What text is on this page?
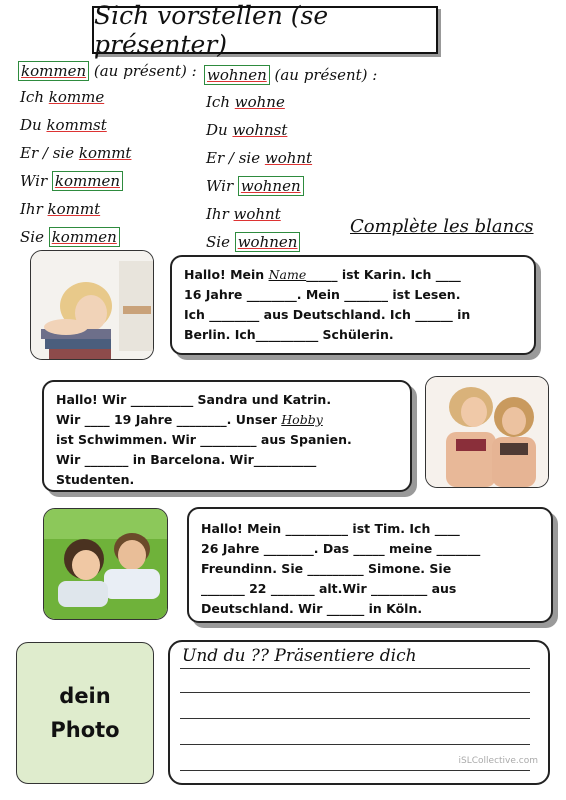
Sich vorstellen (se présenter)
kommen (au présent) :
Ich komme
Du kommst
Er / sie kommt
Wir kommen
Ihr kommt
Sie kommen
wohnen (au présent) :
Ich wohne
Du wohnst
Er / sie wohnt
Wir wohnen
Ihr wohnt
Sie wohnen
Complète les blancs

Hallo! Mein Name_____ ist Karin. Ich ____

16 Jahre ________. Mein _______ ist Lesen.

Ich ________ aus Deutschland. Ich ______ in

Berlin. Ich__________ Schülerin.

Hallo! Wir __________ Sandra und Katrin.

Wir ____ 19 Jahre ________. Unser Hobby

ist Schwimmen. Wir _________ aus Spanien.

Wir _______ in Barcelona. Wir__________

Studenten.

Hallo! Mein __________ ist Tim. Ich ____

26 Jahre ________. Das _____ meine _______

Freundinn. Sie _________ Simone. Sie

_______ 22 _______ alt.Wir _________ aus

Deutschland. Wir ______ in Köln.

dein
Photo
Und du ?? Präsentiere dich
iSLCollective.com
